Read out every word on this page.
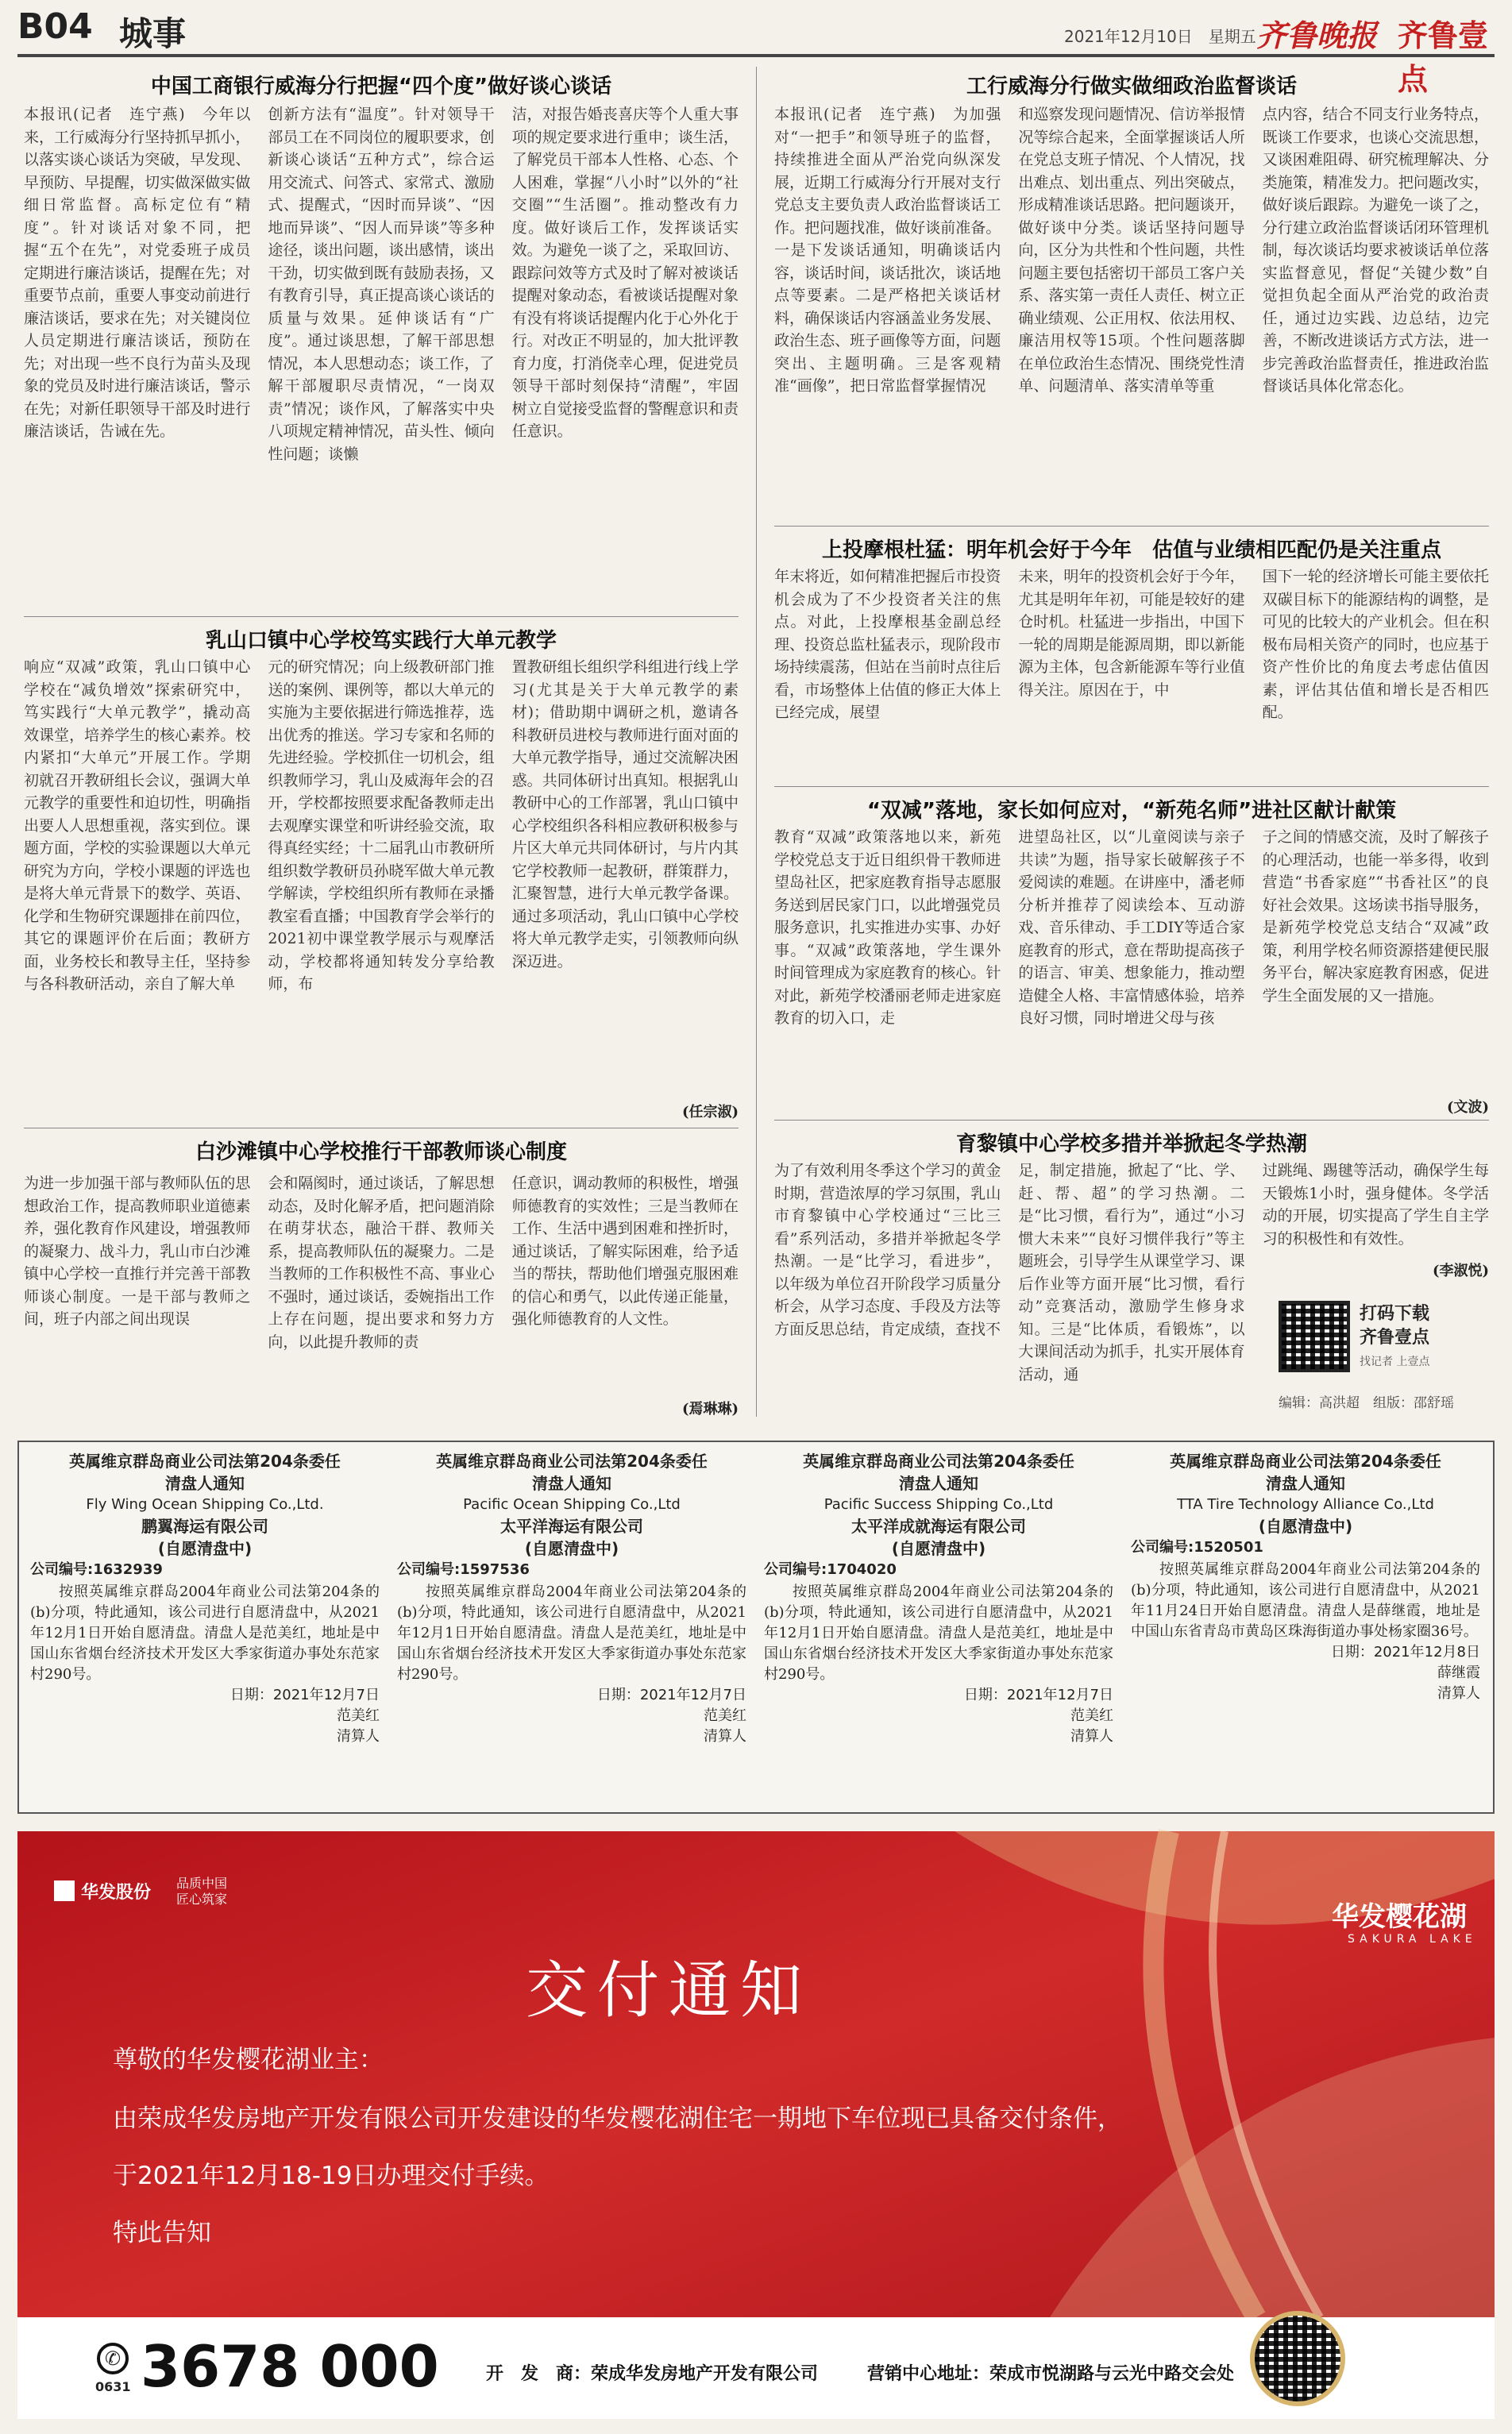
B04 城事	2021年12月10日　星期五 齐鲁晚报 齐鲁壹点
中国工商银行威海分行把握“四个度”做好谈心谈话
本报讯(记者　连宁燕)　今年以来，工行威海分行坚持抓早抓小，以落实谈心谈话为突破，早发现、早预防、早提醒，切实做深做实做细日常监督。高标定位有“精度”。针对谈话对象不同，把握“五个在先”，对党委班子成员定期进行廉洁谈话，提醒在先；对重要节点前，重要人事变动前进行廉洁谈话，要求在先；对关键岗位人员定期进行廉洁谈话，预防在先；对出现一些不良行为苗头及现象的党员及时进行廉洁谈话，警示在先；对新任职领导干部及时进行廉洁谈话，告诫在先。
创新方法有“温度”。针对领导干部员工在不同岗位的履职要求，创新谈心谈话“五种方式”，综合运用交流式、问答式、家常式、激励式、提醒式，“因时而异谈”、“因地而异谈”、“因人而异谈”等多种途径，谈出问题，谈出感情，谈出干劲，切实做到既有鼓励表扬，又有教育引导，真正提高谈心谈话的质量与效果。延伸谈话有“广度”。通过谈思想，了解干部思想情况，本人思想动态；谈工作，了解干部履职尽责情况，“一岗双责”情况；谈作风，了解落实中央八项规定精神情况，苗头性、倾向性问题；谈懒
洁，对报告婚丧喜庆等个人重大事项的规定要求进行重申；谈生活，了解党员干部本人性格、心态、个人困难，掌握“八小时”以外的“社交圈”“生活圈”。推动整改有力度。做好谈后工作，发挥谈话实效。为避免一谈了之，采取回访、跟踪问效等方式及时了解对被谈话提醒对象动态，看被谈话提醒对象有没有将谈话提醒内化于心外化于行。对改正不明显的，加大批评教育力度，打消侥幸心理，促进党员领导干部时刻保持“清醒”，牢固树立自觉接受监督的警醒意识和责任意识。
工行威海分行做实做细政治监督谈话
本报讯(记者　连宁燕)　为加强对“一把手”和领导班子的监督，持续推进全面从严治党向纵深发展，近期工行威海分行开展对支行党总支主要负责人政治监督谈话工作。把问题找准，做好谈前准备。一是下发谈话通知，明确谈话内容，谈话时间，谈话批次，谈话地点等要素。二是严格把关谈话材料，确保谈话内容涵盖业务发展、政治生态、班子画像等方面，问题突出、主题明确。三是客观精准“画像”，把日常监督掌握情况
和巡察发现问题情况、信访举报情况等综合起来，全面掌握谈话人所在党总支班子情况、个人情况，找出难点、划出重点、列出突破点，形成精准谈话思路。把问题谈开，做好谈中分类。谈话坚持问题导向，区分为共性和个性问题，共性问题主要包括密切干部员工客户关系、落实第一责任人责任、树立正确业绩观、公正用权、依法用权、廉洁用权等15项。个性问题落脚在单位政治生态情况、围绕党性清单、问题清单、落实清单等重
点内容，结合不同支行业务特点，既谈工作要求，也谈心交流思想，又谈困难阻碍、研究梳理解决、分类施策，精准发力。把问题改实，做好谈后跟踪。为避免一谈了之，分行建立政治监督谈话闭环管理机制，每次谈话均要求被谈话单位落实监督意见，督促“关键少数”自觉担负起全面从严治党的政治责任，通过边实践、边总结，边完善，不断改进谈话方式方法，进一步完善政治监督责任，推进政治监督谈话具体化常态化。
上投摩根杜猛：明年机会好于今年　估值与业绩相匹配仍是关注重点
年末将近，如何精准把握后市投资机会成为了不少投资者关注的焦点。对此，上投摩根基金副总经理、投资总监杜猛表示，现阶段市场持续震荡，但站在当前时点往后看，市场整体上估值的修正大体上已经完成，展望
未来，明年的投资机会好于今年，尤其是明年年初，可能是较好的建仓时机。杜猛进一步指出，中国下一轮的周期是能源周期，即以新能源为主体，包含新能源车等行业值得关注。原因在于，中
国下一轮的经济增长可能主要依托双碳目标下的能源结构的调整，是可见的比较大的产业机会。但在积极布局相关资产的同时，也应基于资产性价比的角度去考虑估值因素，评估其估值和增长是否相匹配。
“双减”落地，家长如何应对，“新苑名师”进社区献计献策
教育“双减”政策落地以来，新苑学校党总支于近日组织骨干教师进望岛社区，把家庭教育指导志愿服务送到居民家门口，以此增强党员服务意识，扎实推进办实事、办好事。“双减”政策落地，学生课外时间管理成为家庭教育的核心。针对此，新苑学校潘丽老师走进家庭教育的切入口，走
进望岛社区，以“儿童阅读与亲子共读”为题，指导家长破解孩子不爱阅读的难题。在讲座中，潘老师分析并推荐了阅读绘本、互动游戏、音乐律动、手工DIY等适合家庭教育的形式，意在帮助提高孩子的语言、审美、想象能力，推动塑造健全人格、丰富情感体验，培养良好习惯，同时增进父母与孩
子之间的情感交流，及时了解孩子的心理活动，也能一举多得，收到营造“书香家庭”“书香社区”的良好社会效果。这场读书指导服务，是新苑学校党总支结合“双减”政策，利用学校名师资源搭建便民服务平台，解决家庭教育困惑，促进学生全面发展的又一措施。
(文波)
育黎镇中心学校多措并举掀起冬学热潮
为了有效利用冬季这个学习的黄金时期，营造浓厚的学习氛围，乳山市育黎镇中心学校通过“三比三看”系列活动，多措并举掀起冬学热潮。一是“比学习，看进步”，以年级为单位召开阶段学习质量分析会，从学习态度、手段及方法等方面反思总结，肯定成绩，查找不
足，制定措施，掀起了“比、学、赶、帮、超”的学习热潮。二是“比习惯，看行为”，通过“小习惯大未来”“良好习惯伴我行”等主题班会，引导学生从课堂学习、课后作业等方面开展“比习惯，看行动”竞赛活动，激励学生修身求知。三是“比体质，看锻炼”，以大课间活动为抓手，扎实开展体育活动，通
过跳绳、踢毽等活动，确保学生每天锻炼1小时，强身健体。冬学活动的开展，切实提高了学生自主学习的积极性和有效性。
(李淑悦)
打码下载
齐鲁壹点
找记者 上壹点
编辑：高洪超　组版：邵舒瑶
乳山口镇中心学校笃实践行大单元教学
响应“双减”政策，乳山口镇中心学校在“减负增效”探索研究中，笃实践行“大单元教学”，撬动高效课堂，培养学生的核心素养。校内紧扣“大单元”开展工作。学期初就召开教研组长会议，强调大单元教学的重要性和迫切性，明确指出要人人思想重视，落实到位。课题方面，学校的实验课题以大单元研究为方向，学校小课题的评选也是将大单元背景下的数学、英语、化学和生物研究课题排在前四位，其它的课题评价在后面；教研方面，业务校长和教导主任，坚持参与各科教研活动，亲自了解大单
元的研究情况；向上级教研部门推送的案例、课例等，都以大单元的实施为主要依据进行筛选推荐，选出优秀的推送。学习专家和名师的先进经验。学校抓住一切机会，组织教师学习，乳山及威海年会的召开，学校都按照要求配备教师走出去观摩实课堂和听讲经验交流，取得真经实经；十二届乳山市教研所组织数学教研员孙晓军做大单元教学解读，学校组织所有教师在录播教室看直播；中国教育学会举行的2021初中课堂教学展示与观摩活动，学校都将通知转发分享给教师，布
置教研组长组织学科组进行线上学习(尤其是关于大单元教学的素材)；借助期中调研之机，邀请各科教研员进校与教师进行面对面的大单元教学指导，通过交流解决困惑。共同体研讨出真知。根据乳山教研中心的工作部署，乳山口镇中心学校组织各科相应教研积极参与片区大单元共同体研讨，与片内其它学校教师一起教研，群策群力，汇聚智慧，进行大单元教学备课。通过多项活动，乳山口镇中心学校将大单元教学走实，引领教师向纵深迈进。
(任宗淑)
白沙滩镇中心学校推行干部教师谈心制度
为进一步加强干部与教师队伍的思想政治工作，提高教师职业道德素养，强化教育作风建设，增强教师的凝聚力、战斗力，乳山市白沙滩镇中心学校一直推行并完善干部教师谈心制度。一是干部与教师之间，班子内部之间出现误
会和隔阂时，通过谈话，了解思想动态，及时化解矛盾，把问题消除在萌芽状态，融洽干群、教师关系，提高教师队伍的凝聚力。二是当教师的工作积极性不高、事业心不强时，通过谈话，委婉指出工作上存在问题，提出要求和努力方向，以此提升教师的责
任意识，调动教师的积极性，增强师德教育的实效性；三是当教师在工作、生活中遇到困难和挫折时，通过谈话，了解实际困难，给予适当的帮扶，帮助他们增强克服困难的信心和勇气，以此传递正能量，强化师德教育的人文性。
(焉琳琳)
英属维京群岛商业公司法第204条委任
清盘人通知
Fly Wing Ocean Shipping Co.,Ltd.
鹏翼海运有限公司
(自愿清盘中)
公司编号:1632939
按照英属维京群岛2004年商业公司法第204条的(b)分项，特此通知，该公司进行自愿清盘中，从2021年12月1日开始自愿清盘。清盘人是范美红，地址是中国山东省烟台经济技术开发区大季家街道办事处东范家村290号。
日期：2021年12月7日
范美红
清算人
英属维京群岛商业公司法第204条委任
清盘人通知
Pacific Ocean Shipping Co.,Ltd
太平洋海运有限公司
(自愿清盘中)
公司编号:1597536
按照英属维京群岛2004年商业公司法第204条的(b)分项，特此通知，该公司进行自愿清盘中，从2021年12月1日开始自愿清盘。清盘人是范美红，地址是中国山东省烟台经济技术开发区大季家街道办事处东范家村290号。
日期：2021年12月7日
范美红
清算人
英属维京群岛商业公司法第204条委任
清盘人通知
Pacific Success Shipping Co.,Ltd
太平洋成就海运有限公司
(自愿清盘中)
公司编号:1704020
按照英属维京群岛2004年商业公司法第204条的(b)分项，特此通知，该公司进行自愿清盘中，从2021年12月1日开始自愿清盘。清盘人是范美红，地址是中国山东省烟台经济技术开发区大季家街道办事处东范家村290号。
日期：2021年12月7日
范美红
清算人
英属维京群岛商业公司法第204条委任
清盘人通知
TTA Tire Technology Alliance Co.,Ltd
(自愿清盘中)
公司编号:1520501
按照英属维京群岛2004年商业公司法第204条的(b)分项，特此通知，该公司进行自愿清盘中，从2021年11月24日开始自愿清盘。清盘人是薛继霞，地址是中国山东省青岛市黄岛区珠海街道办事处杨家圈36号。
日期：2021年12月8日
薛继霞
清算人
华发股份 品质中国
匠心筑家
华发樱花湖
SAKURA LAKE
交付通知
尊敬的华发樱花湖业主：
由荣成华发房地产开发有限公司开发建设的华发樱花湖住宅一期地下车位现已具备交付条件，
于2021年12月18-19日办理交付手续。
特此告知
✆
0631 3678 000	开　发　商：荣成华发房地产开发有限公司	营销中心地址：荣成市悦湖路与云光中路交会处
